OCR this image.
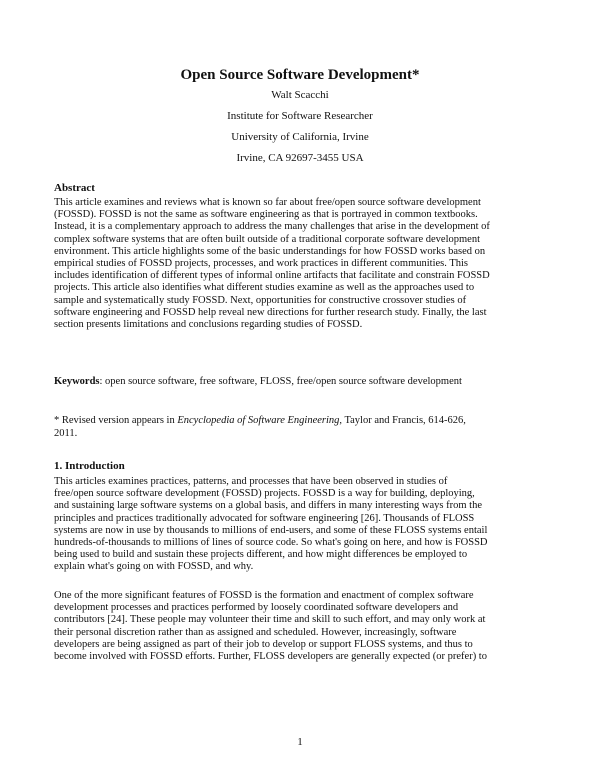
Open Source Software Development*
Walt Scacchi
Institute for Software Researcher
University of California, Irvine
Irvine, CA 92697-3455 USA
Abstract
This article examines and reviews what is known so far about free/open source software development
(FOSSD). FOSSD is not the same as software engineering as that is portrayed in common textbooks.
Instead, it is a complementary approach to address the many challenges that arise in the development of
complex software systems that are often built outside of a traditional corporate software development
environment. This article highlights some of the basic understandings for how FOSSD works based on
empirical studies of FOSSD projects, processes, and work practices in different communities. This
includes identification of different types of informal online artifacts that facilitate and constrain FOSSD
projects. This article also identifies what different studies examine as well as the approaches used to
sample and systematically study FOSSD. Next, opportunities for constructive crossover studies of
software engineering and FOSSD help reveal new directions for further research study. Finally, the last
section presents limitations and conclusions regarding studies of FOSSD.
Keywords: open source software, free software, FLOSS, free/open source software development
* Revised version appears in Encyclopedia of Software Engineering, Taylor and Francis, 614-626,
2011.
1. Introduction
This articles examines practices, patterns, and processes that have been observed in studies of
free/open source software development (FOSSD) projects. FOSSD is a way for building, deploying,
and sustaining large software systems on a global basis, and differs in many interesting ways from the
principles and practices traditionally advocated for software engineering [26]. Thousands of FLOSS
systems are now in use by thousands to millions of end-users, and some of these FLOSS systems entail
hundreds-of-thousands to millions of lines of source code. So what's going on here, and how is FOSSD
being used to build and sustain these projects different, and how might differences be employed to
explain what's going on with FOSSD, and why.
One of the more significant features of FOSSD is the formation and enactment of complex software
development processes and practices performed by loosely coordinated software developers and
contributors [24]. These people may volunteer their time and skill to such effort, and may only work at
their personal discretion rather than as assigned and scheduled. However, increasingly, software
developers are being assigned as part of their job to develop or support FLOSS systems, and thus to
become involved with FOSSD efforts. Further, FLOSS developers are generally expected (or prefer) to
1
